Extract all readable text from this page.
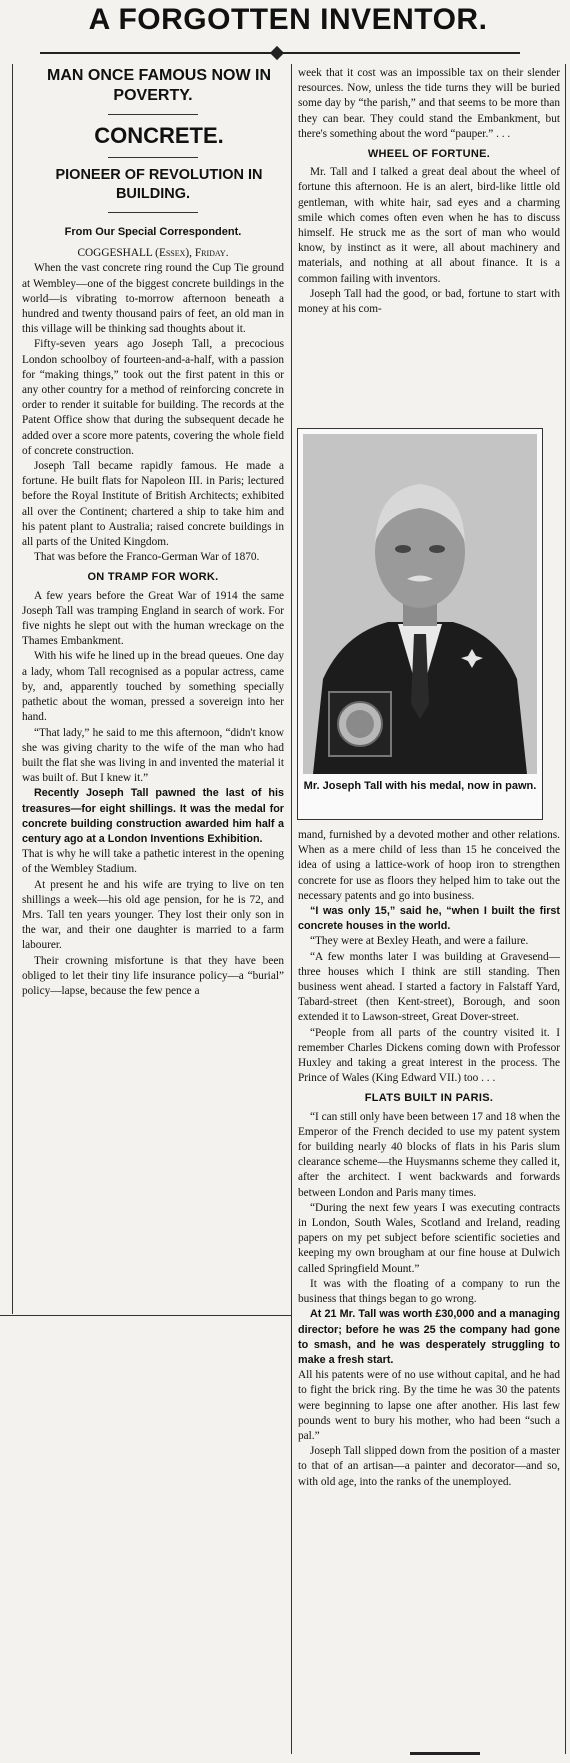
A FORGOTTEN INVENTOR.

MAN ONCE FAMOUS NOW IN POVERTY.

CONCRETE.

PIONEER OF REVOLUTION IN BUILDING.

From Our Special Correspondent.

COGGESHALL (Essex), Friday.

When the vast concrete ring round the Cup Tie ground at Wembley—one of the biggest concrete buildings in the world—is vibrating to-morrow afternoon beneath a hundred and twenty thousand pairs of feet, an old man in this village will be thinking sad thoughts about it.

Fifty-seven years ago Joseph Tall, a precocious London schoolboy of fourteen-and-a-half, with a passion for “making things,” took out the first patent in this or any other country for a method of reinforcing concrete in order to render it suitable for building. The records at the Patent Office show that during the subsequent decade he added over a score more patents, covering the whole field of concrete construction.

Joseph Tall became rapidly famous. He made a fortune. He built flats for Napoleon III. in Paris; lectured before the Royal Institute of British Architects; exhibited all over the Continent; chartered a ship to take him and his patent plant to Australia; raised concrete buildings in all parts of the United Kingdom.

That was before the Franco-German War of 1870.

ON TRAMP FOR WORK.

A few years before the Great War of 1914 the same Joseph Tall was tramping England in search of work. For five nights he slept out with the human wreckage on the Thames Embankment.

With his wife he lined up in the bread queues. One day a lady, whom Tall recognised as a popular actress, came by, and, apparently touched by something specially pathetic about the woman, pressed a sovereign into her hand.

“That lady,” he said to me this afternoon, “didn't know she was giving charity to the wife of the man who had built the flat she was living in and invented the material it was built of. But I knew it.”

Recently Joseph Tall pawned the last of his treasures—for eight shillings. It was the medal for concrete building construction awarded him half a century ago at a London Inventions Exhibition.

That is why he will take a pathetic interest in the opening of the Wembley Stadium.

At present he and his wife are trying to live on ten shillings a week—his old age pension, for he is 72, and Mrs. Tall ten years younger. They lost their only son in the war, and their one daughter is married to a farm labourer.

Their crowning misfortune is that they have been obliged to let their tiny life insurance policy—a “burial” policy—lapse, because the few pence a

week that it cost was an impossible tax on their slender resources. Now, unless the tide turns they will be buried some day by “the parish,” and that seems to be more than they can bear. They could stand the Embankment, but there's something about the word “pauper.” . . .

WHEEL OF FORTUNE.

Mr. Tall and I talked a great deal about the wheel of fortune this afternoon. He is an alert, bird-like little old gentleman, with white hair, sad eyes and a charming smile which comes often even when he has to discuss himself. He struck me as the sort of man who would know, by instinct as it were, all about machinery and materials, and nothing at all about finance. It is a common failing with inventors.

Joseph Tall had the good, or bad, fortune to start with money at his com-

Mr. Joseph Tall with his medal, now in pawn.

mand, furnished by a devoted mother and other relations. When as a mere child of less than 15 he conceived the idea of using a lattice-work of hoop iron to strengthen concrete for use as floors they helped him to take out the necessary patents and go into business.

“I was only 15,” said he, “when I built the first concrete houses in the world.

“They were at Bexley Heath, and were a failure.

“A few months later I was building at Gravesend—three houses which I think are still standing. Then business went ahead. I started a factory in Falstaff Yard, Tabard-street (then Kent-street), Borough, and soon extended it to Lawson-street, Great Dover-street.

“People from all parts of the country visited it. I remember Charles Dickens coming down with Professor Huxley and taking a great interest in the process. The Prince of Wales (King Edward VII.) too . . .

FLATS BUILT IN PARIS.

“I can still only have been between 17 and 18 when the Emperor of the French decided to use my patent system for building nearly 40 blocks of flats in his Paris slum clearance scheme—the Huysmanns scheme they called it, after the architect. I went backwards and forwards between London and Paris many times.

“During the next few years I was executing contracts in London, South Wales, Scotland and Ireland, reading papers on my pet subject before scientific societies and keeping my own brougham at our fine house at Dulwich called Springfield Mount.”

It was with the floating of a company to run the business that things began to go wrong.

At 21 Mr. Tall was worth £30,000 and a managing director; before he was 25 the company had gone to smash, and he was desperately struggling to make a fresh start.

All his patents were of no use without capital, and he had to fight the brick ring. By the time he was 30 the patents were beginning to lapse one after another. His last few pounds went to bury his mother, who had been “such a pal.”

Joseph Tall slipped down from the position of a master to that of an artisan—a painter and decorator—and so, with old age, into the ranks of the unemployed.
